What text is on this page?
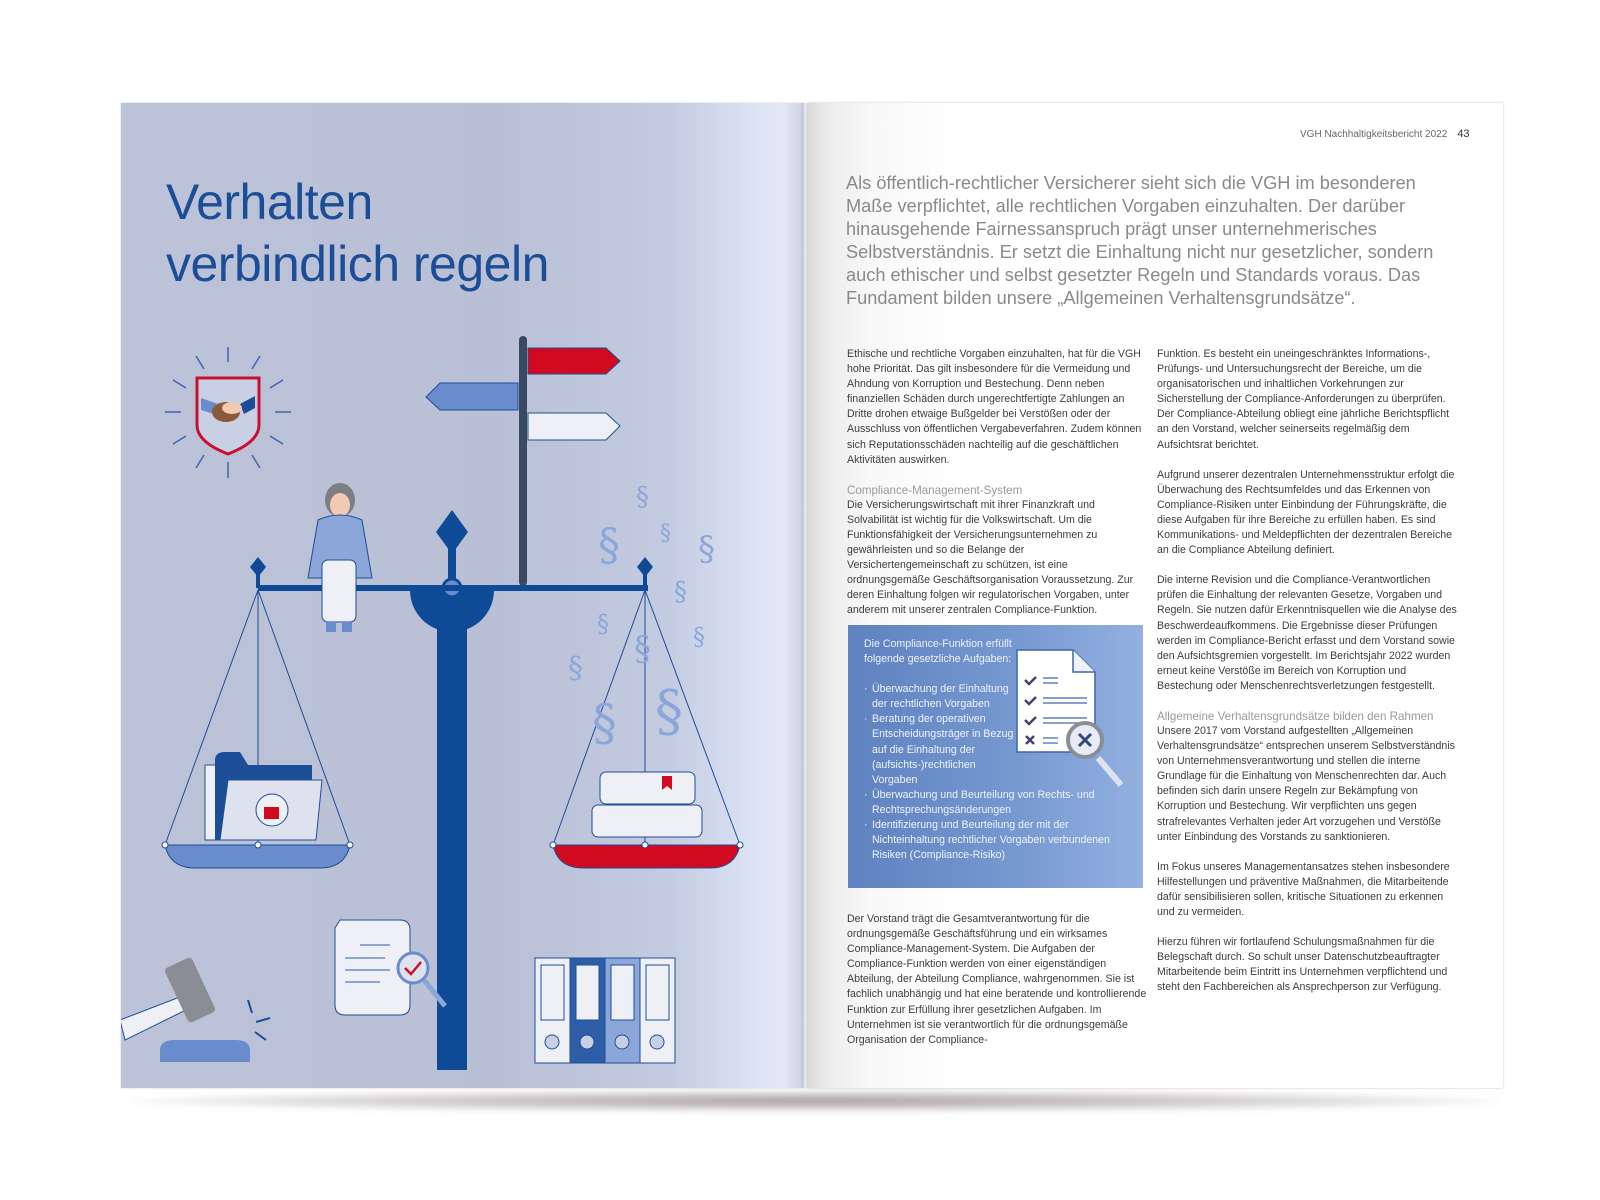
Verhalten
verbindlich regeln
§
§ § §
§
§
§ §
§
§ §
VGH Nachhaltigkeitsbericht 2022 43
Als öffentlich-rechtlicher Versicherer sieht sich die VGH im besonderen Maße verpflichtet, alle rechtlichen Vorgaben einzuhalten. Der darüber hinausgehende Fairnessanspruch prägt unser unternehmerisches Selbstverständnis. Er setzt die Einhaltung nicht nur gesetzlicher, sondern auch ethischer und selbst gesetzter Regeln und Standards voraus. Das Fundament bilden unsere „Allgemeinen Verhaltensgrundsätze“.

Ethische und rechtliche Vorgaben einzuhalten, hat für die VGH hohe Priorität. Das gilt insbesondere für die Vermeidung und Ahndung von Korruption und Bestechung. Denn neben finanziellen Schäden durch ungerechtfertigte Zahlungen an Dritte drohen etwaige Bußgelder bei Verstößen oder der Ausschluss von öffentlichen Vergabeverfahren. Zudem können sich Reputationsschäden nachteilig auf die geschäftlichen Aktivitäten auswirken.

Compliance-Management-System

Die Versicherungswirtschaft mit ihrer Finanzkraft und Solvabilität ist wichtig für die Volkswirtschaft. Um die Funktionsfähigkeit der Versicherungsunternehmen zu gewährleisten und so die Belange der Versichertengemeinschaft zu schützen, ist eine ordnungsgemäße Geschäftsorganisation Voraussetzung. Zur deren Einhaltung folgen wir regulatorischen Vorgaben, unter anderem mit unserer zentralen Compliance-Funktion.

Die Compliance-Funktion erfüllt folgende gesetzliche Aufgaben:
· Überwachung der Einhaltung der rechtlichen Vorgaben
· Beratung der operativen Entscheidungsträger in Bezug auf die Einhaltung der (aufsichts-)rechtlichen Vorgaben
· Überwachung und Beurteilung von Rechts- und Rechtsprechungsänderungen
· Identifizierung und Beurteilung der mit der Nichteinhaltung rechtlicher Vorgaben verbundenen Risiken (Compliance-Risiko)

Der Vorstand trägt die Gesamtverantwortung für die ordnungsgemäße Geschäftsführung und ein wirksames Compliance-Management-System. Die Aufgaben der Compliance-Funktion werden von einer eigenständigen Abteilung, der Abteilung Compliance, wahrgenommen. Sie ist fachlich unabhängig und hat eine beratende und kontrollierende Funktion zur Erfüllung ihrer gesetzlichen Aufgaben. Im Unternehmen ist sie verantwortlich für die ordnungsgemäße Organisation der Compliance-

Funktion. Es besteht ein uneingeschränktes Informations-, Prüfungs- und Untersuchungsrecht der Bereiche, um die organisatorischen und inhaltlichen Vorkehrungen zur Sicherstellung der Compliance-Anforderungen zu überprüfen. Der Compliance-Abteilung obliegt eine jährliche Berichtspflicht an den Vorstand, welcher seinerseits regelmäßig dem Aufsichtsrat berichtet.

Aufgrund unserer dezentralen Unternehmensstruktur erfolgt die Überwachung des Rechtsumfeldes und das Erkennen von Compliance-Risiken unter Einbindung der Führungskräfte, die diese Aufgaben für ihre Bereiche zu erfüllen haben. Es sind Kommunikations- und Meldepflichten der dezentralen Bereiche an die Compliance Abteilung definiert.

Die interne Revision und die Compliance-Verantwortlichen prüfen die Einhaltung der relevanten Gesetze, Vorgaben und Regeln. Sie nutzen dafür Erkenntnisquellen wie die Analyse des Beschwerdeaufkommens. Die Ergebnisse dieser Prüfungen werden im Compliance-Bericht erfasst und dem Vorstand sowie den Aufsichtsgremien vorgestellt. Im Berichtsjahr 2022 wurden erneut keine Verstöße im Bereich von Korruption und Bestechung oder Menschenrechtsverletzungen festgestellt.

Allgemeine Verhaltensgrundsätze bilden den Rahmen

Unsere 2017 vom Vorstand aufgestellten „Allgemeinen Verhaltensgrundsätze“ entsprechen unserem Selbstverständnis von Unternehmensverantwortung und stellen die interne Grundlage für die Einhaltung von Menschenrechten dar. Auch befinden sich darin unsere Regeln zur Bekämpfung von Korruption und Bestechung. Wir verpflichten uns gegen strafrelevantes Verhalten jeder Art vorzugehen und Verstöße unter Einbindung des Vorstands zu sanktionieren.

Im Fokus unseres Managementansatzes stehen insbesondere Hilfestellungen und präventive Maßnahmen, die Mitarbeitende dafür sensibilisieren sollen, kritische Situationen zu erkennen und zu vermeiden.

Hierzu führen wir fortlaufend Schulungsmaßnahmen für die Belegschaft durch. So schult unser Datenschutzbeauftragter Mitarbeitende beim Eintritt ins Unternehmen verpflichtend und steht den Fachbereichen als Ansprechperson zur Verfügung.
